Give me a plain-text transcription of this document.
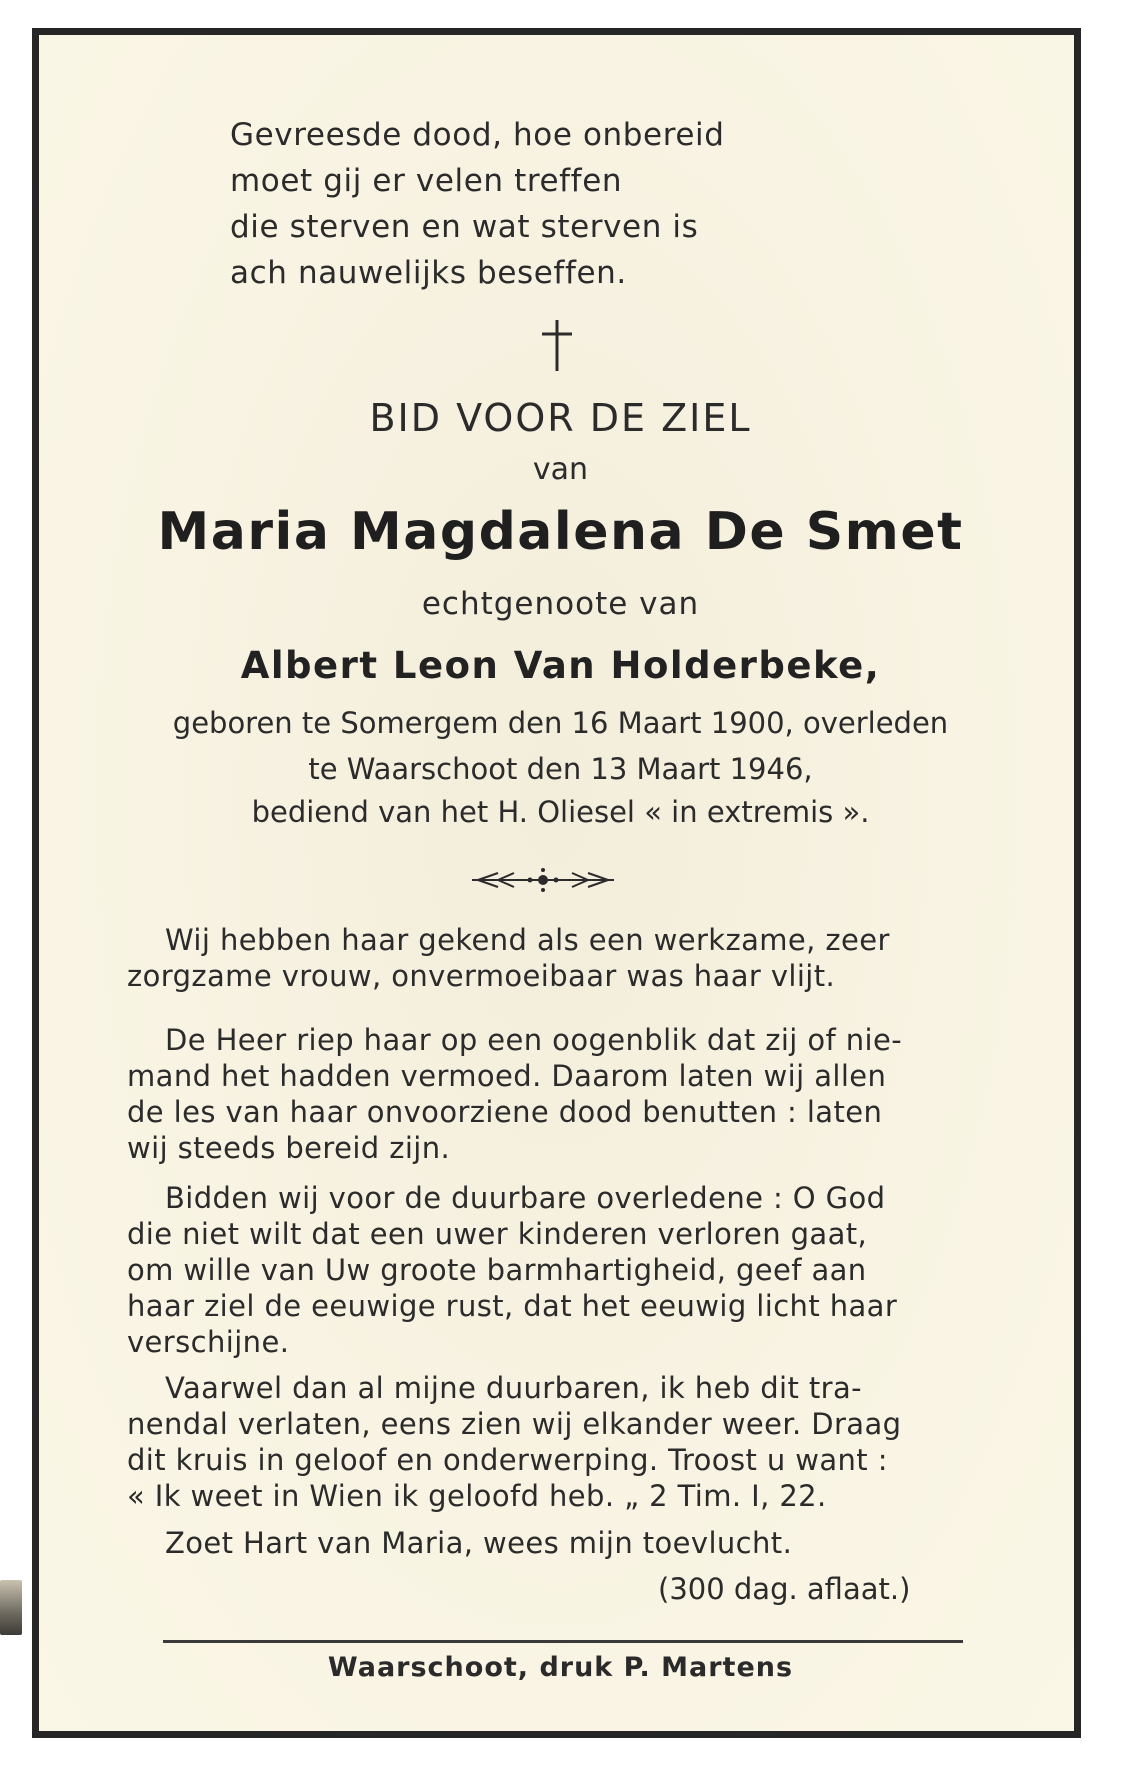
Gevreesde dood, hoe onbereid
moet gij er velen treffen
die sterven en wat sterven is
ach nauwelijks beseffen.
BID VOOR DE ZIEL
van
Maria Magdalena De Smet
echtgenoote van
Albert Leon Van Holderbeke,
geboren te Somergem den 16 Maart 1900, overleden
te Waarschoot den 13 Maart 1946,
bediend van het H. Oliesel « in extremis ».
Wij hebben haar gekend als een werkzame, zeer
zorgzame vrouw, onvermoeibaar was haar vlijt.
De Heer riep haar op een oogenblik dat zij of nie-
mand het hadden vermoed. Daarom laten wij allen
de les van haar onvoorziene dood benutten : laten
wij steeds bereid zijn.
Bidden wij voor de duurbare overledene : O God
die niet wilt dat een uwer kinderen verloren gaat,
om wille van Uw groote barmhartigheid, geef aan
haar ziel de eeuwige rust, dat het eeuwig licht haar
verschijne.
Vaarwel dan al mijne duurbaren, ik heb dit tra-
nendal verlaten, eens zien wij elkander weer. Draag
dit kruis in geloof en onderwerping. Troost u want :
« Ik weet in Wien ik geloofd heb. „ 2 Tim. I, 22.
Zoet Hart van Maria, wees mijn toevlucht.
(300 dag. aflaat.)
Waarschoot, druk P. Martens
